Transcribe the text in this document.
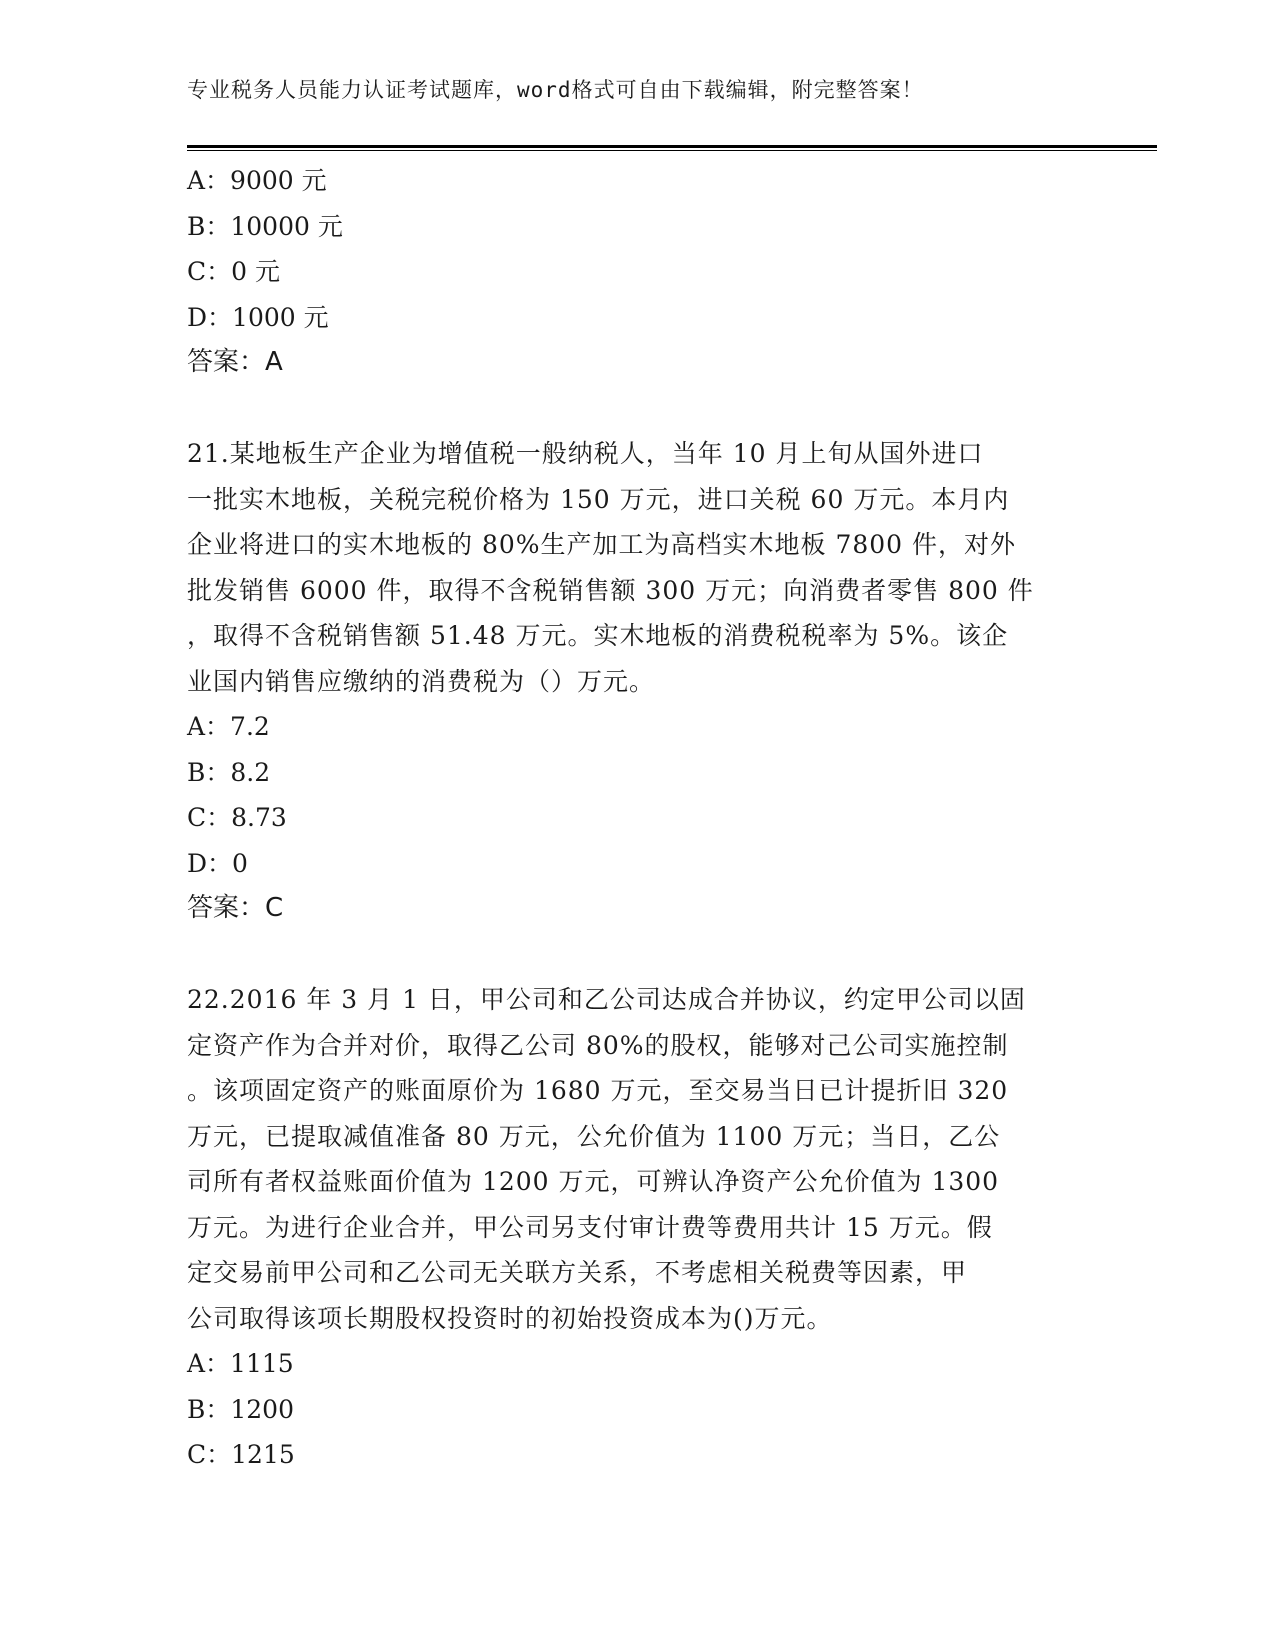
专业税务人员能力认证考试题库，word格式可自由下载编辑，附完整答案！
A：9000 元
B：10000 元
C：0 元
D：1000 元
答案：A
21.某地板生产企业为增值税一般纳税人，当年 10 月上旬从国外进口
一批实木地板，关税完税价格为 150 万元，进口关税 60 万元。本月内
企业将进口的实木地板的 80%生产加工为高档实木地板 7800 件，对外
批发销售 6000 件，取得不含税销售额 300 万元；向消费者零售 800 件
，取得不含税销售额 51.48 万元。实木地板的消费税税率为 5%。该企
业国内销售应缴纳的消费税为（）万元。
A：7.2
B：8.2
C：8.73
D：0
答案：C
22.2016 年 3 月 1 日，甲公司和乙公司达成合并协议，约定甲公司以固
定资产作为合并对价，取得乙公司 80%的股权，能够对己公司实施控制
。该项固定资产的账面原价为 1680 万元，至交易当日已计提折旧 320
万元，已提取减值准备 80 万元，公允价值为 1100 万元；当日，乙公
司所有者权益账面价值为 1200 万元，可辨认净资产公允价值为 1300
万元。为进行企业合并，甲公司另支付审计费等费用共计 15 万元。假
定交易前甲公司和乙公司无关联方关系，不考虑相关税费等因素，甲
公司取得该项长期股权投资时的初始投资成本为()万元。
A：1115
B：1200
C：1215
